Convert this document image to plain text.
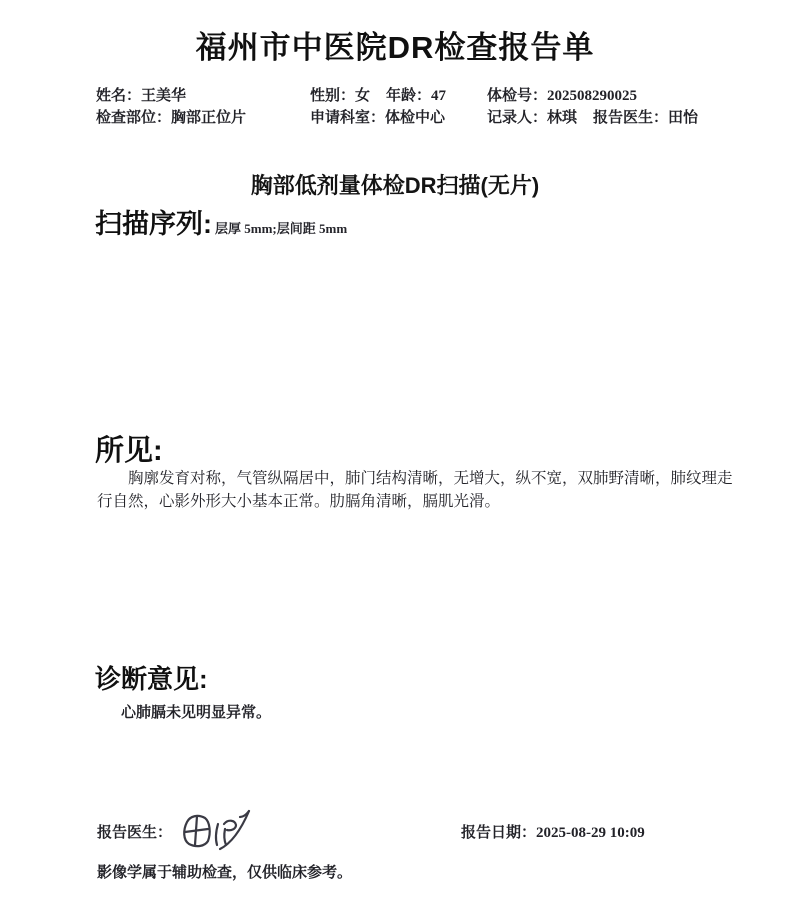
福州市中医院DR检查报告单
姓名：王美华	性别：女 年龄：47	体检号：202508290025
检查部位：胸部正位片	申请科室：体检中心	记录人：林琪 报告医生：田怡
胸部低剂量体检DR扫描(无片)
扫描序列: 层厚 5mm;层间距 5mm
所见:
胸廓发育对称，气管纵隔居中，肺门结构清晰，无增大，纵不宽，双肺野清晰，肺纹理走行自然，心影外形大小基本正常。肋膈角清晰，膈肌光滑。
诊断意见:
心肺膈未见明显异常。
报告医生：	报告日期：2025-08-29 10:09
影像学属于辅助检查，仅供临床参考。
